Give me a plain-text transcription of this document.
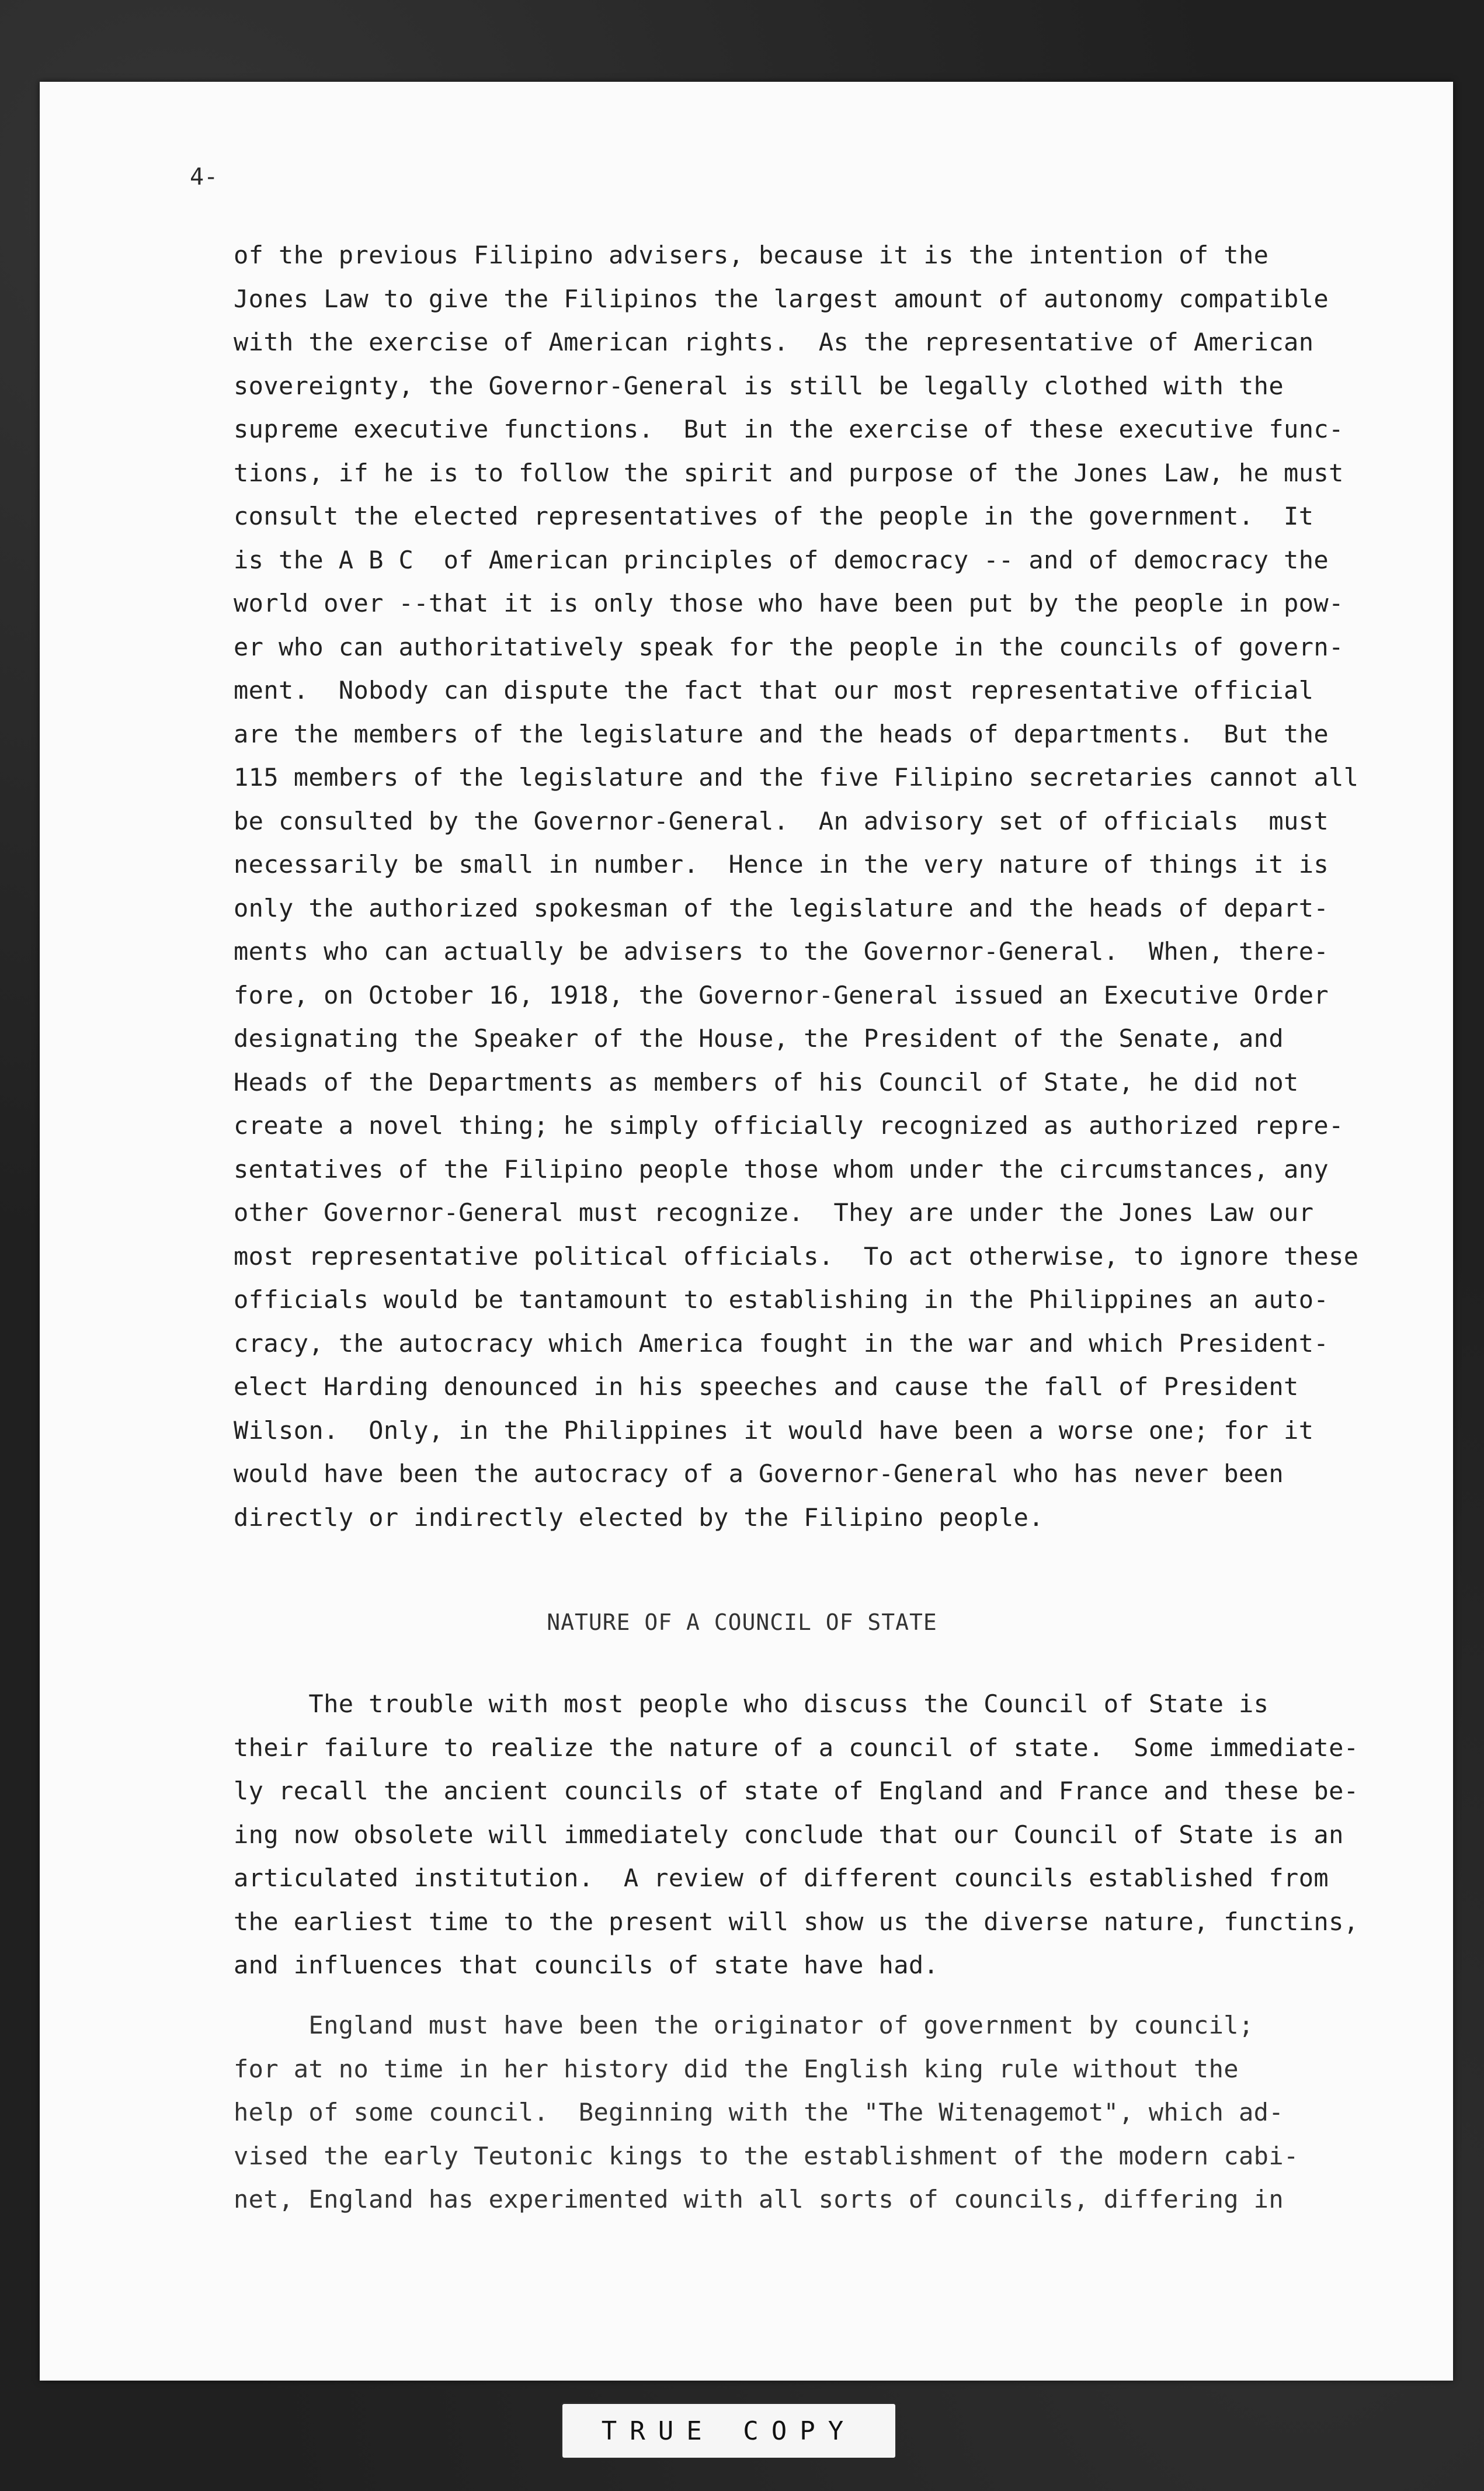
4-
of the previous Filipino advisers, because it is the intention of the
Jones Law to give the Filipinos the largest amount of autonomy compatible
with the exercise of American rights.  As the representative of American
sovereignty, the Governor-General is still be legally clothed with the
supreme executive functions.  But in the exercise of these executive func-
tions, if he is to follow the spirit and purpose of the Jones Law, he must
consult the elected representatives of the people in the government.  It
is the A B C  of American principles of democracy -- and of democracy the
world over --that it is only those who have been put by the people in pow-
er who can authoritatively speak for the people in the councils of govern-
ment.  Nobody can dispute the fact that our most representative official
are the members of the legislature and the heads of departments.  But the
115 members of the legislature and the five Filipino secretaries cannot all
be consulted by the Governor-General.  An advisory set of officials  must
necessarily be small in number.  Hence in the very nature of things it is
only the authorized spokesman of the legislature and the heads of depart-
ments who can actually be advisers to the Governor-General.  When, there-
fore, on October 16, 1918, the Governor-General issued an Executive Order
designating the Speaker of the House, the President of the Senate, and
Heads of the Departments as members of his Council of State, he did not
create a novel thing; he simply officially recognized as authorized repre-
sentatives of the Filipino people those whom under the circumstances, any
other Governor-General must recognize.  They are under the Jones Law our
most representative political officials.  To act otherwise, to ignore these
officials would be tantamount to establishing in the Philippines an auto-
cracy, the autocracy which America fought in the war and which President-
elect Harding denounced in his speeches and cause the fall of President
Wilson.  Only, in the Philippines it would have been a worse one; for it
would have been the autocracy of a Governor-General who has never been
directly or indirectly elected by the Filipino people.
NATURE OF A COUNCIL OF STATE
The trouble with most people who discuss the Council of State is
their failure to realize the nature of a council of state.  Some immediate-
ly recall the ancient councils of state of England and France and these be-
ing now obsolete will immediately conclude that our Council of State is an
articulated institution.  A review of different councils established from
the earliest time to the present will show us the diverse nature, functins,
and influences that councils of state have had.
England must have been the originator of government by council;
for at no time in her history did the English king rule without the
help of some council.  Beginning with the "The Witenagemot", which ad-
vised the early Teutonic kings to the establishment of the modern cabi-
net, England has experimented with all sorts of councils, differing in
TRUE COPY
